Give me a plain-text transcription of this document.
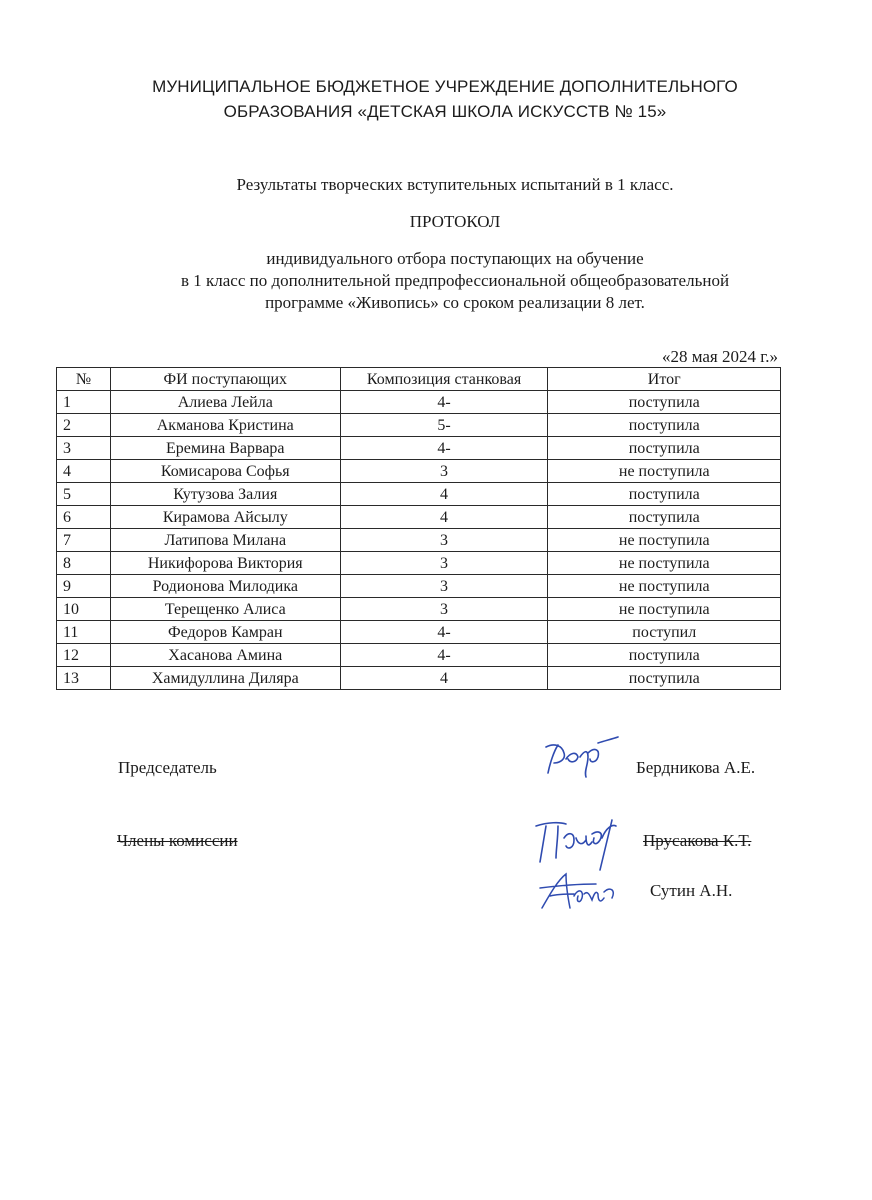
МУНИЦИПАЛЬНОЕ БЮДЖЕТНОЕ УЧРЕЖДЕНИЕ ДОПОЛНИТЕЛЬНОГО
ОБРАЗОВАНИЯ «ДЕТСКАЯ ШКОЛА ИСКУССТВ № 15»
Результаты творческих вступительных испытаний в 1 класс.
ПРОТОКОЛ
индивидуального отбора поступающих на обучение
в 1 класс по дополнительной предпрофессиональной общеобразовательной
программе «Живопись» со сроком реализации 8 лет.
«28 мая 2024 г.»
№	ФИ поступающих	Композиция станковая	Итог
1	Алиева Лейла	4-	поступила
2	Акманова Кристина	5-	поступила
3	Еремина Варвара	4-	поступила
4	Комисарова Софья	3	не поступила
5	Кутузова Залия	4	поступила
6	Кирамова Айсылу	4	поступила
7	Латипова Милана	3	не поступила
8	Никифорова Виктория	3	не поступила
9	Родионова Милодика	3	не поступила
10	Терещенко Алиса	3	не поступила
11	Федоров Камран	4-	поступил
12	Хасанова Амина	4-	поступила
13	Хамидуллина Диляра	4	поступила
Председатель	Бердникова А.Е.
Члены комиссии	Прусакова К.Т.
Сутин А.Н.
